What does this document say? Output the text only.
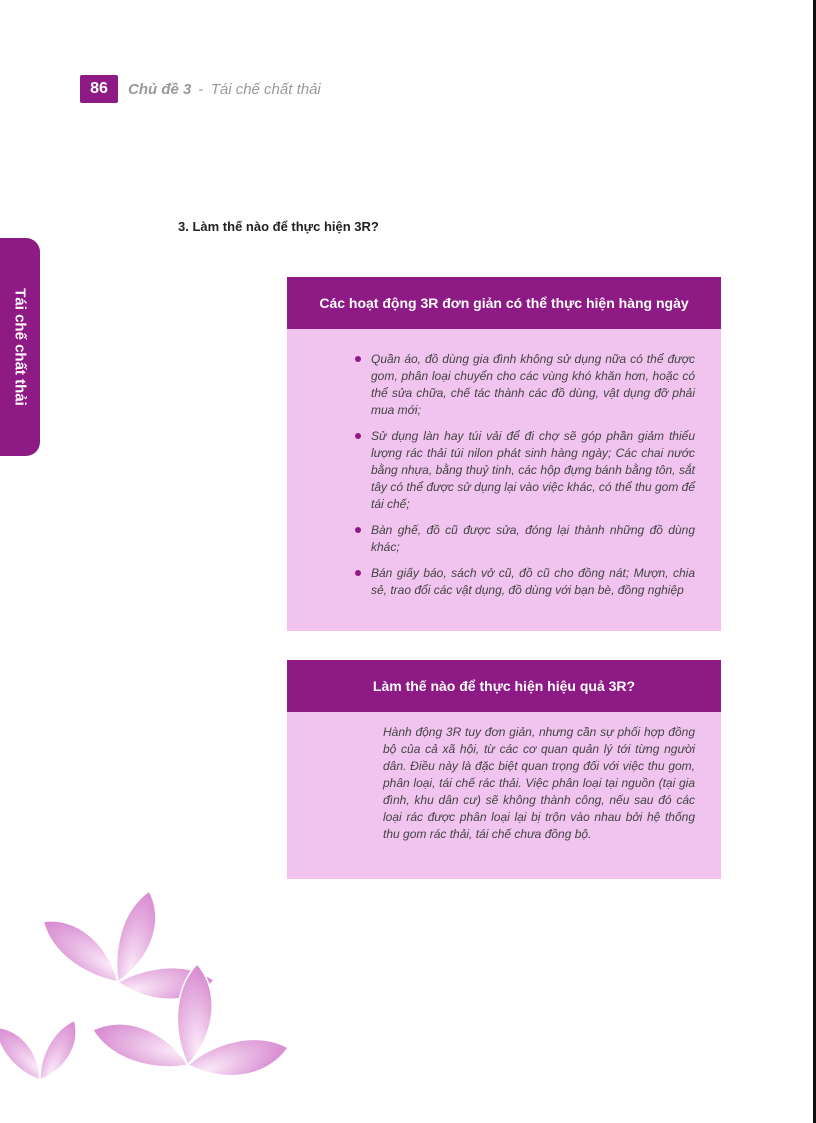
86	Chủ đề 3 - Tái chế chất thải
Tái chế chất thải
3. Làm thế nào để thực hiện 3R?
Các hoạt động 3R đơn giản có thể thực hiện hàng ngày
Quần áo, đồ dùng gia đình không sử dụng nữa có thể được gom, phân loại chuyển cho các vùng khó khăn hơn, hoặc có thể sửa chữa, chế tác thành các đồ dùng, vật dụng đỡ phải mua mới;
Sử dụng làn hay túi vải để đi chợ sẽ góp phần giảm thiểu lượng rác thải túi nilon phát sinh hàng ngày; Các chai nước bằng nhựa, bằng thuỷ tinh, các hộp đựng bánh bằng tôn, sắt tây có thể được sử dụng lại vào việc khác, có thể thu gom để tái chế;
Bàn ghế, đồ cũ được sửa, đóng lại thành những đồ dùng khác;
Bán giấy báo, sách vở cũ, đồ cũ cho đồng nát; Mượn, chia sẻ, trao đổi các vật dụng, đồ dùng với bạn bè, đồng nghiệp
Làm thế nào để thực hiện hiệu quả 3R?

Hành động 3R tuy đơn giản, nhưng cần sự phối hợp đồng bộ của cả xã hội, từ các cơ quan quản lý tới từng người dân. Điều này là đặc biệt quan trọng đối với việc thu gom, phân loại, tái chế rác thải. Việc phân loại tại nguồn (tại gia đình, khu dân cư) sẽ không thành công, nếu sau đó các loại rác được phân loại lại bị trộn vào nhau bởi hệ thống thu gom rác thải, tái chế chưa đồng bộ.
